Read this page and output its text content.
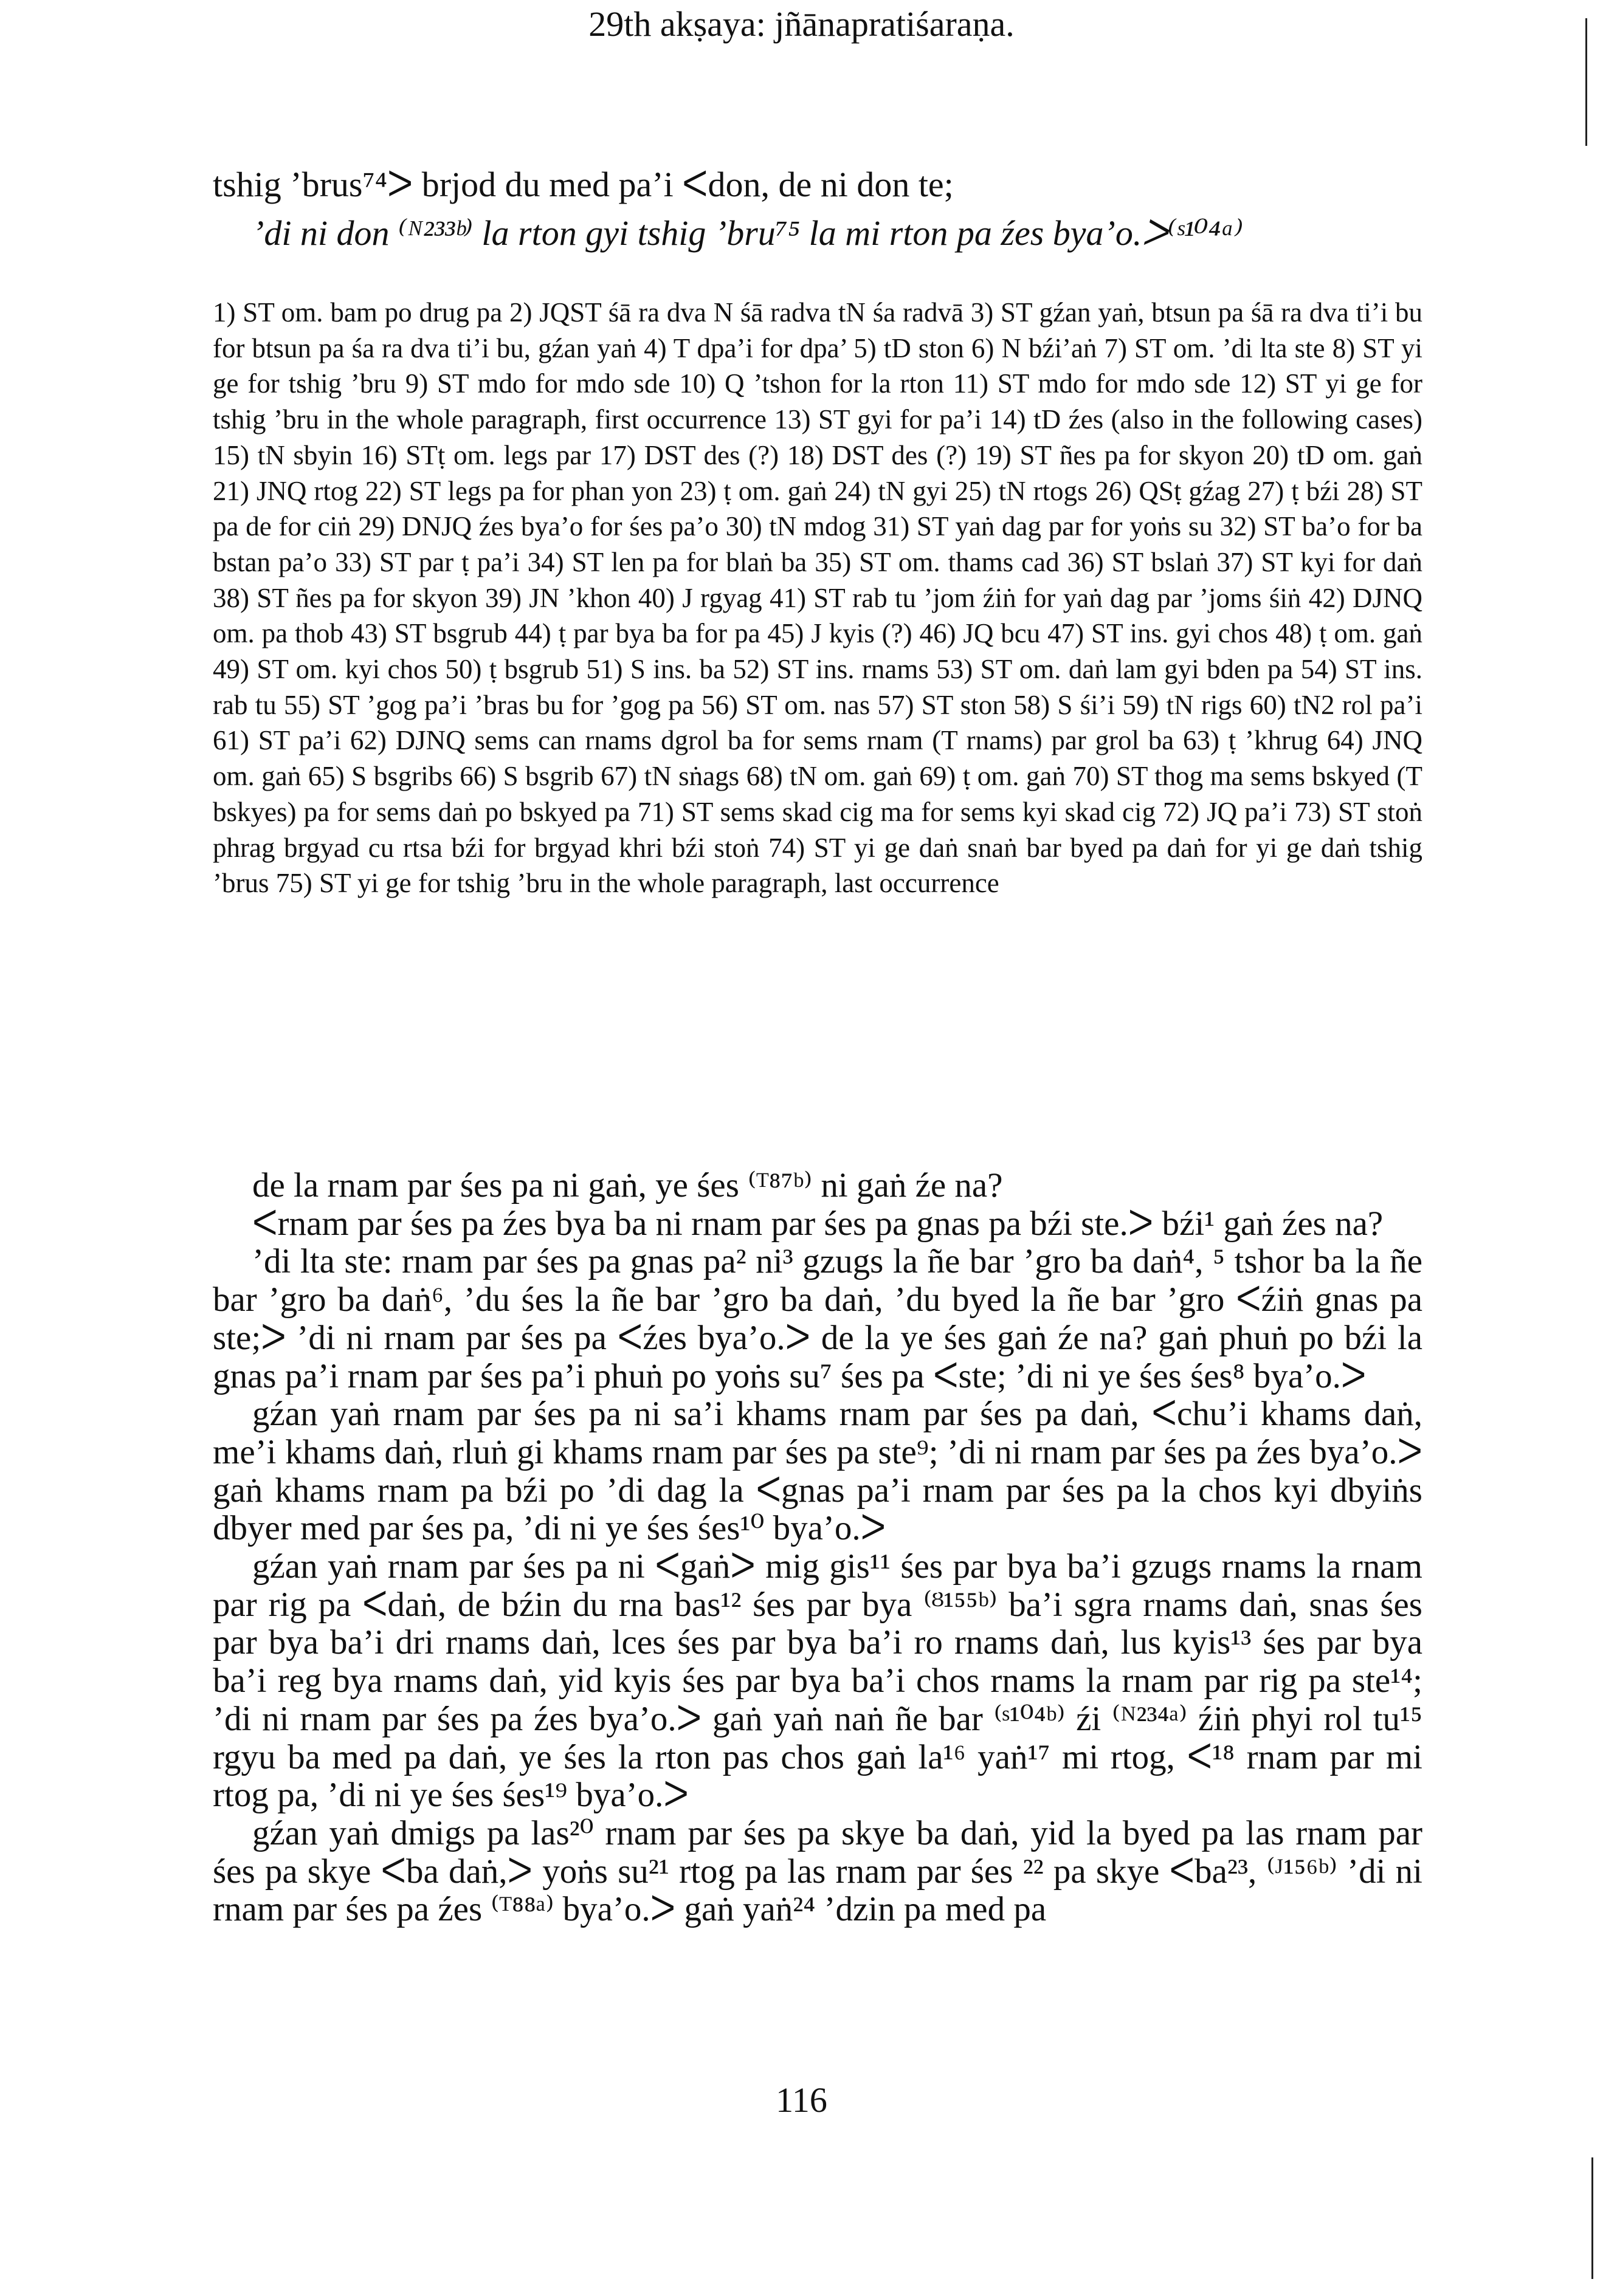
tshig ’brus⁷⁴ᐳ brjod du med pa’i ᐸdon, de ni don te;
’di ni don ⁽ᴺ²³³ᵇ⁾ la rton gyi tshig ’bru⁷⁵ la mi rton pa źes bya’o.ᐳ⁽ˢ¹⁰⁴ᵃ⁾

1) ST om. bam po drug pa 2) JQST śā ra dva N śā radva tN śa radvā 3) ST gźan yaṅ, btsun pa śā ra dva ti’i bu for btsun pa śa ra dva ti’i bu, gźan yaṅ 4) T dpa’i for dpa’ 5) tD ston 6) N bźi’aṅ 7) ST om. ’di lta ste 8) ST yi ge for tshig ’bru 9) ST mdo for mdo sde 10) Q ’tshon for la rton 11) ST mdo for mdo sde 12) ST yi ge for tshig ’bru in the whole paragraph, first occurrence 13) ST gyi for pa’i 14) tD źes (also in the following cases) 15) tN sbyin 16) STṭ om. legs par 17) DST des (?) 18) DST des (?) 19) ST ñes pa for skyon 20) tD om. gaṅ 21) JNQ rtog 22) ST legs pa for phan yon 23) ṭ om. gaṅ 24) tN gyi 25) tN rtogs 26) QSṭ gźag 27) ṭ bźi 28) ST pa de for ciṅ 29) DNJQ źes bya’o for śes pa’o 30) tN mdog 31) ST yaṅ dag par for yoṅs su 32) ST ba’o for ba bstan pa’o 33) ST par ṭ pa’i 34) ST len pa for blaṅ ba 35) ST om. thams cad 36) ST bslaṅ 37) ST kyi for daṅ 38) ST ñes pa for skyon 39) JN ’khon 40) J rgyag 41) ST rab tu ’jom źiṅ for yaṅ dag par ’joms śiṅ 42) DJNQ om. pa thob 43) ST bsgrub 44) ṭ par bya ba for pa 45) J kyis (?) 46) JQ bcu 47) ST ins. gyi chos 48) ṭ om. gaṅ 49) ST om. kyi chos 50) ṭ bsgrub 51) S ins. ba 52) ST ins. rnams 53) ST om. daṅ lam gyi bden pa 54) ST ins. rab tu 55) ST ’gog pa’i ’bras bu for ’gog pa 56) ST om. nas 57) ST ston 58) S śi’i 59) tN rigs 60) tN2 rol pa’i 61) ST pa’i 62) DJNQ sems can rnams dgrol ba for sems rnam (T rnams) par grol ba 63) ṭ ’khrug 64) JNQ om. gaṅ 65) S bsgribs 66) S bsgrib 67) tN sṅags 68) tN om. gaṅ 69) ṭ om. gaṅ 70) ST thog ma sems bskyed (T bskyes) pa for sems daṅ po bskyed pa 71) ST sems skad cig ma for sems kyi skad cig 72) JQ pa’i 73) ST stoṅ phrag brgyad cu rtsa bźi for brgyad khri bźi stoṅ 74) ST yi ge daṅ snaṅ bar byed pa daṅ for yi ge daṅ tshig ’brus 75) ST yi ge for tshig ’bru in the whole paragraph, last occurrence

29th akṣaya: jñānapratiśaraṇa.

de la rnam par śes pa ni gaṅ, ye śes ⁽ᵀ⁸⁷ᵇ⁾ ni gaṅ źe na?

ᐸrnam par śes pa źes bya ba ni rnam par śes pa gnas pa bźi ste.ᐳ bźi¹ gaṅ źes na?

’di lta ste: rnam par śes pa gnas pa² ni³ gzugs la ñe bar ’gro ba daṅ⁴, ⁵ tshor ba la ñe bar ’gro ba daṅ⁶, ’du śes la ñe bar ’gro ba daṅ, ’du byed la ñe bar ’gro ᐸźiṅ gnas pa ste;ᐳ ’di ni rnam par śes pa ᐸźes bya’o.ᐳ de la ye śes gaṅ źe na? gaṅ phuṅ po bźi la gnas pa’i rnam par śes pa’i phuṅ po yoṅs su⁷ śes pa ᐸste; ’di ni ye śes śes⁸ bya’o.ᐳ

gźan yaṅ rnam par śes pa ni sa’i khams rnam par śes pa daṅ, ᐸchu’i khams daṅ, me’i khams daṅ, rluṅ gi khams rnam par śes pa ste⁹; ’di ni rnam par śes pa źes bya’o.ᐳ gaṅ khams rnam pa bźi po ’di dag la ᐸgnas pa’i rnam par śes pa la chos kyi dbyiṅs dbyer med par śes pa, ’di ni ye śes śes¹⁰ bya’o.ᐳ

gźan yaṅ rnam par śes pa ni ᐸgaṅᐳ mig gis¹¹ śes par bya ba’i gzugs rnams la rnam par rig pa ᐸdaṅ, de bźin du rna bas¹² śes par bya ⁽ᴽ¹⁵⁵ᵇ⁾ ba’i sgra rnams daṅ, snas śes par bya ba’i dri rnams daṅ, lces śes par bya ba’i ro rnams daṅ, lus kyis¹³ śes par bya ba’i reg bya rnams daṅ, yid kyis śes par bya ba’i chos rnams la rnam par rig pa ste¹⁴; ’di ni rnam par śes pa źes bya’o.ᐳ gaṅ yaṅ naṅ ñe bar ⁽ˢ¹⁰⁴ᵇ⁾ źi ⁽ᴺ²³⁴ᵃ⁾ źiṅ phyi rol tu¹⁵ rgyu ba med pa daṅ, ye śes la rton pas chos gaṅ la¹⁶ yaṅ¹⁷ mi rtog, ᐸ¹⁸ rnam par mi rtog pa, ’di ni ye śes śes¹⁹ bya’o.ᐳ

gźan yaṅ dmigs pa las²⁰ rnam par śes pa skye ba daṅ, yid la byed pa las rnam par śes pa skye ᐸba daṅ,ᐳ yoṅs su²¹ rtog pa las rnam par śes ²² pa skye ᐸba²³, ⁽ᴶ¹⁵⁶ᵇ⁾ ’di ni rnam par śes pa źes ⁽ᵀ⁸⁸ᵃ⁾ bya’o.ᐳ gaṅ yaṅ²⁴ ’dzin pa med pa

116
